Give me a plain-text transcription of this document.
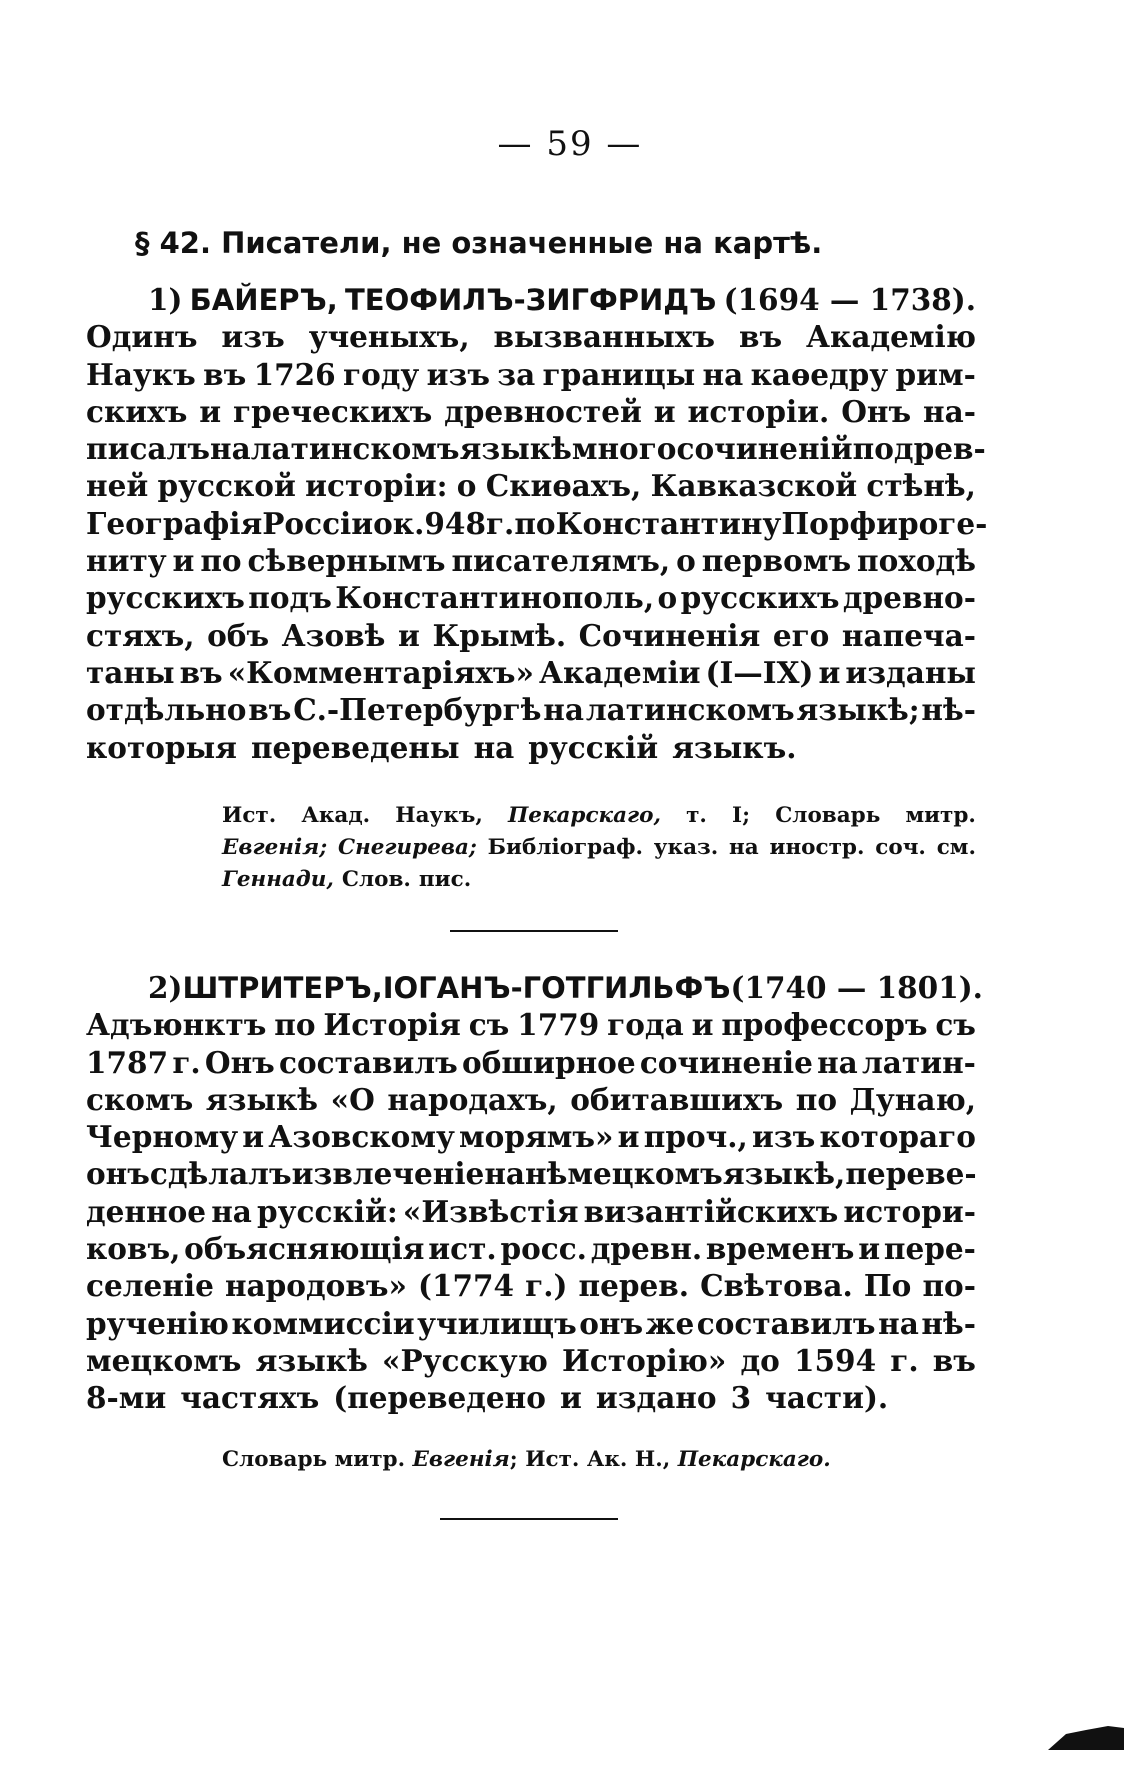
— 59 —
§ 42. Писатели, не означенные на картѣ.
1) БАЙЕРЪ, ТЕОФИЛЪ-ЗИГФРИДЪ (1694 — 1738).
Одинъ изъ ученыхъ, вызванныхъ въ Академію
Наукъ въ 1726 году изъ за границы на каѳедру рим-
скихъ и греческихъ древностей и исторіи. Онъ на-
писалъ на латинскомъ языкѣ много сочиненій по древ-
ней русской исторіи: о Скиѳахъ, Кавказской стѣнѣ,
Географія Россіи ок. 948 г. по Константину Порфироге-
ниту и по сѣвернымъ писателямъ, о первомъ походѣ
русскихъ подъ Константинополь, о русскихъ древно-
стяхъ, объ Азовѣ и Крымѣ. Сочиненія его напеча-
таны въ «Комментаріяхъ» Академіи (I—IX) и изданы
отдѣльно въ С.-Петербургѣ на латинскомъ языкѣ; нѣ-
которыя переведены на русскій языкъ.
Ист. Акад. Наукъ, Пекарскаго, т. I; Словарь митр.
Евгенія; Снегирева; Библіограф. указ. на иностр. соч. см.
Геннади, Слов. пис.
2) ШТРИТЕРЪ, ІОГАНЪ-ГОТГИЛЬФЪ (1740 — 1801).
Адъюнктъ по Исторія съ 1779 года и профессоръ съ
1787 г. Онъ составилъ обширное сочиненіе на латин-
скомъ языкѣ «О народахъ, обитавшихъ по Дунаю,
Черному и Азовскому морямъ» и проч., изъ котораго
онъ сдѣлалъ извлеченіе на нѣмецкомъ языкѣ, переве-
денное на русскій: «Извѣстія византійскихъ истори-
ковъ, объясняющія ист. росс. древн. временъ и пере-
селеніе народовъ» (1774 г.) перев. Свѣтова. По по-
рученію коммиссіи училищъ онъ же составилъ на нѣ-
мецкомъ языкѣ «Русскую Исторію» до 1594 г. въ
8-ми частяхъ (переведено и издано 3 части).
Словарь митр. Евгенія; Ист. Ак. Н., Пекарскаго.
